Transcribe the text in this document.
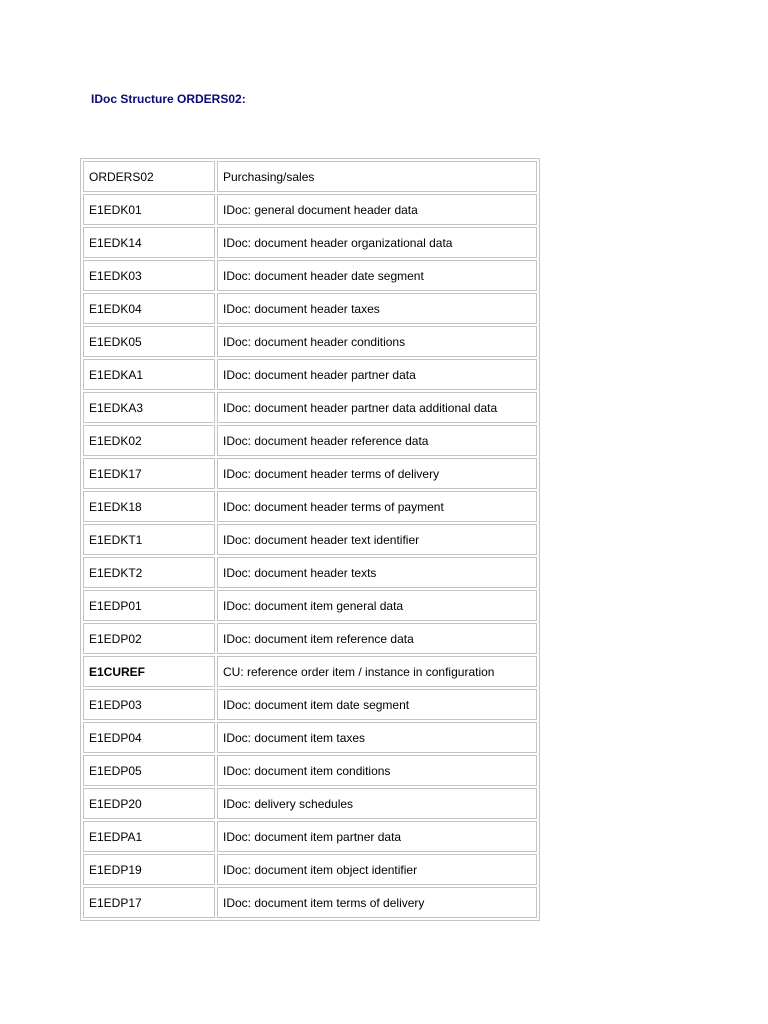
IDoc Structure ORDERS02:
ORDERS02	Purchasing/sales
E1EDK01	IDoc: general document header data
E1EDK14	IDoc: document header organizational data
E1EDK03	IDoc: document header date segment
E1EDK04	IDoc: document header taxes
E1EDK05	IDoc: document header conditions
E1EDKA1	IDoc: document header partner data
E1EDKA3	IDoc: document header partner data additional data
E1EDK02	IDoc: document header reference data
E1EDK17	IDoc: document header terms of delivery
E1EDK18	IDoc: document header terms of payment
E1EDKT1	IDoc: document header text identifier
E1EDKT2	IDoc: document header texts
E1EDP01	IDoc: document item general data
E1EDP02	IDoc: document item reference data
E1CUREF	CU: reference order item / instance in configuration
E1EDP03	IDoc: document item date segment
E1EDP04	IDoc: document item taxes
E1EDP05	IDoc: document item conditions
E1EDP20	IDoc: delivery schedules
E1EDPA1	IDoc: document item partner data
E1EDP19	IDoc: document item object identifier
E1EDP17	IDoc: document item terms of delivery
